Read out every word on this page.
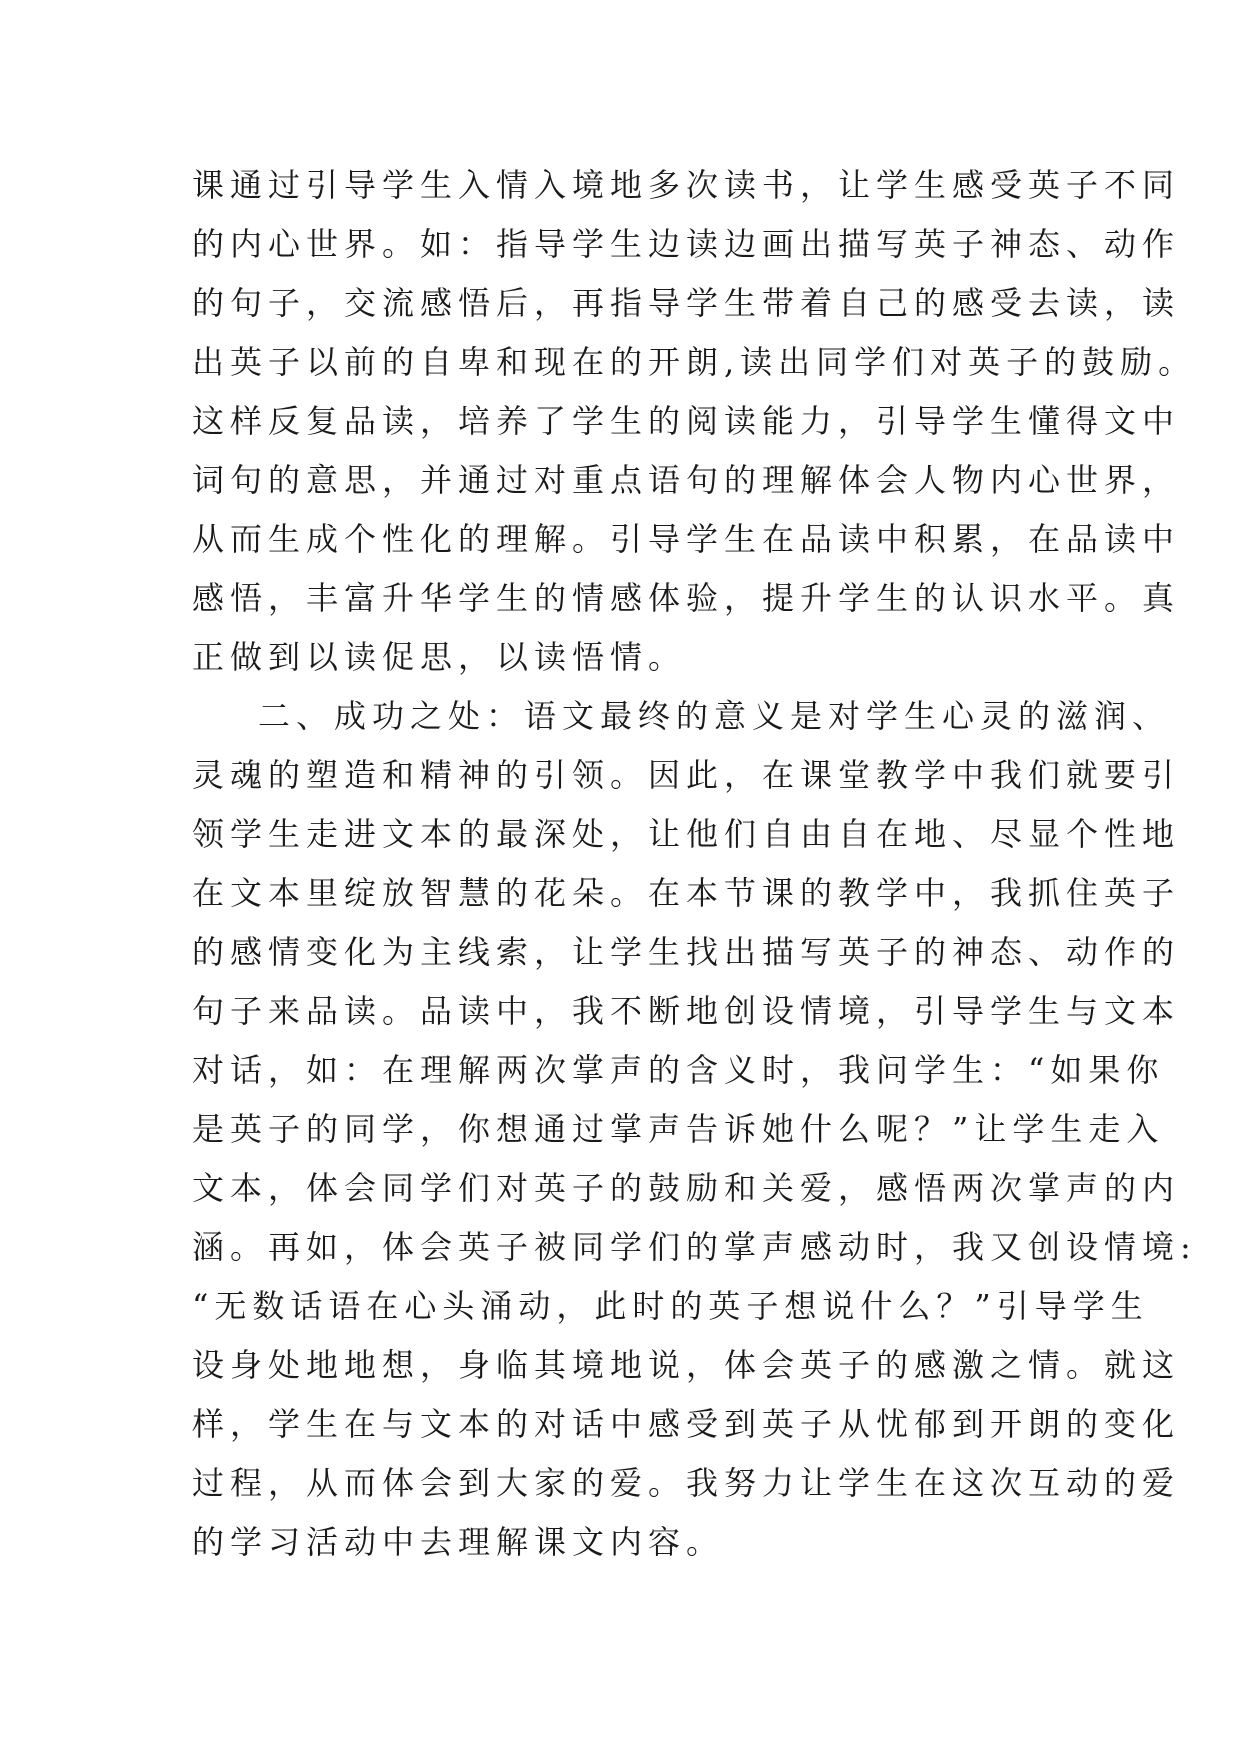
课通过引导学生入情入境地多次读书，让学生感受英子不同
的内心世界。如：指导学生边读边画出描写英子神态、动作
的句子，交流感悟后，再指导学生带着自己的感受去读，读
出英子以前的自卑和现在的开朗,读出同学们对英子的鼓励。
这样反复品读，培养了学生的阅读能力，引导学生懂得文中
词句的意思，并通过对重点语句的理解体会人物内心世界，
从而生成个性化的理解。引导学生在品读中积累，在品读中
感悟，丰富升华学生的情感体验，提升学生的认识水平。真
正做到以读促思，以读悟情。
二、成功之处：语文最终的意义是对学生心灵的滋润、
灵魂的塑造和精神的引领。因此，在课堂教学中我们就要引
领学生走进文本的最深处，让他们自由自在地、尽显个性地
在文本里绽放智慧的花朵。在本节课的教学中，我抓住英子
的感情变化为主线索，让学生找出描写英子的神态、动作的
句子来品读。品读中，我不断地创设情境，引导学生与文本
对话，如：在理解两次掌声的含义时，我问学生：“如果你
是英子的同学，你想通过掌声告诉她什么呢？”让学生走入
文本，体会同学们对英子的鼓励和关爱，感悟两次掌声的内
涵。再如，体会英子被同学们的掌声感动时，我又创设情境:
“无数话语在心头涌动，此时的英子想说什么？”引导学生
设身处地地想，身临其境地说，体会英子的感激之情。就这
样，学生在与文本的对话中感受到英子从忧郁到开朗的变化
过程，从而体会到大家的爱。我努力让学生在这次互动的爱
的学习活动中去理解课文内容。
